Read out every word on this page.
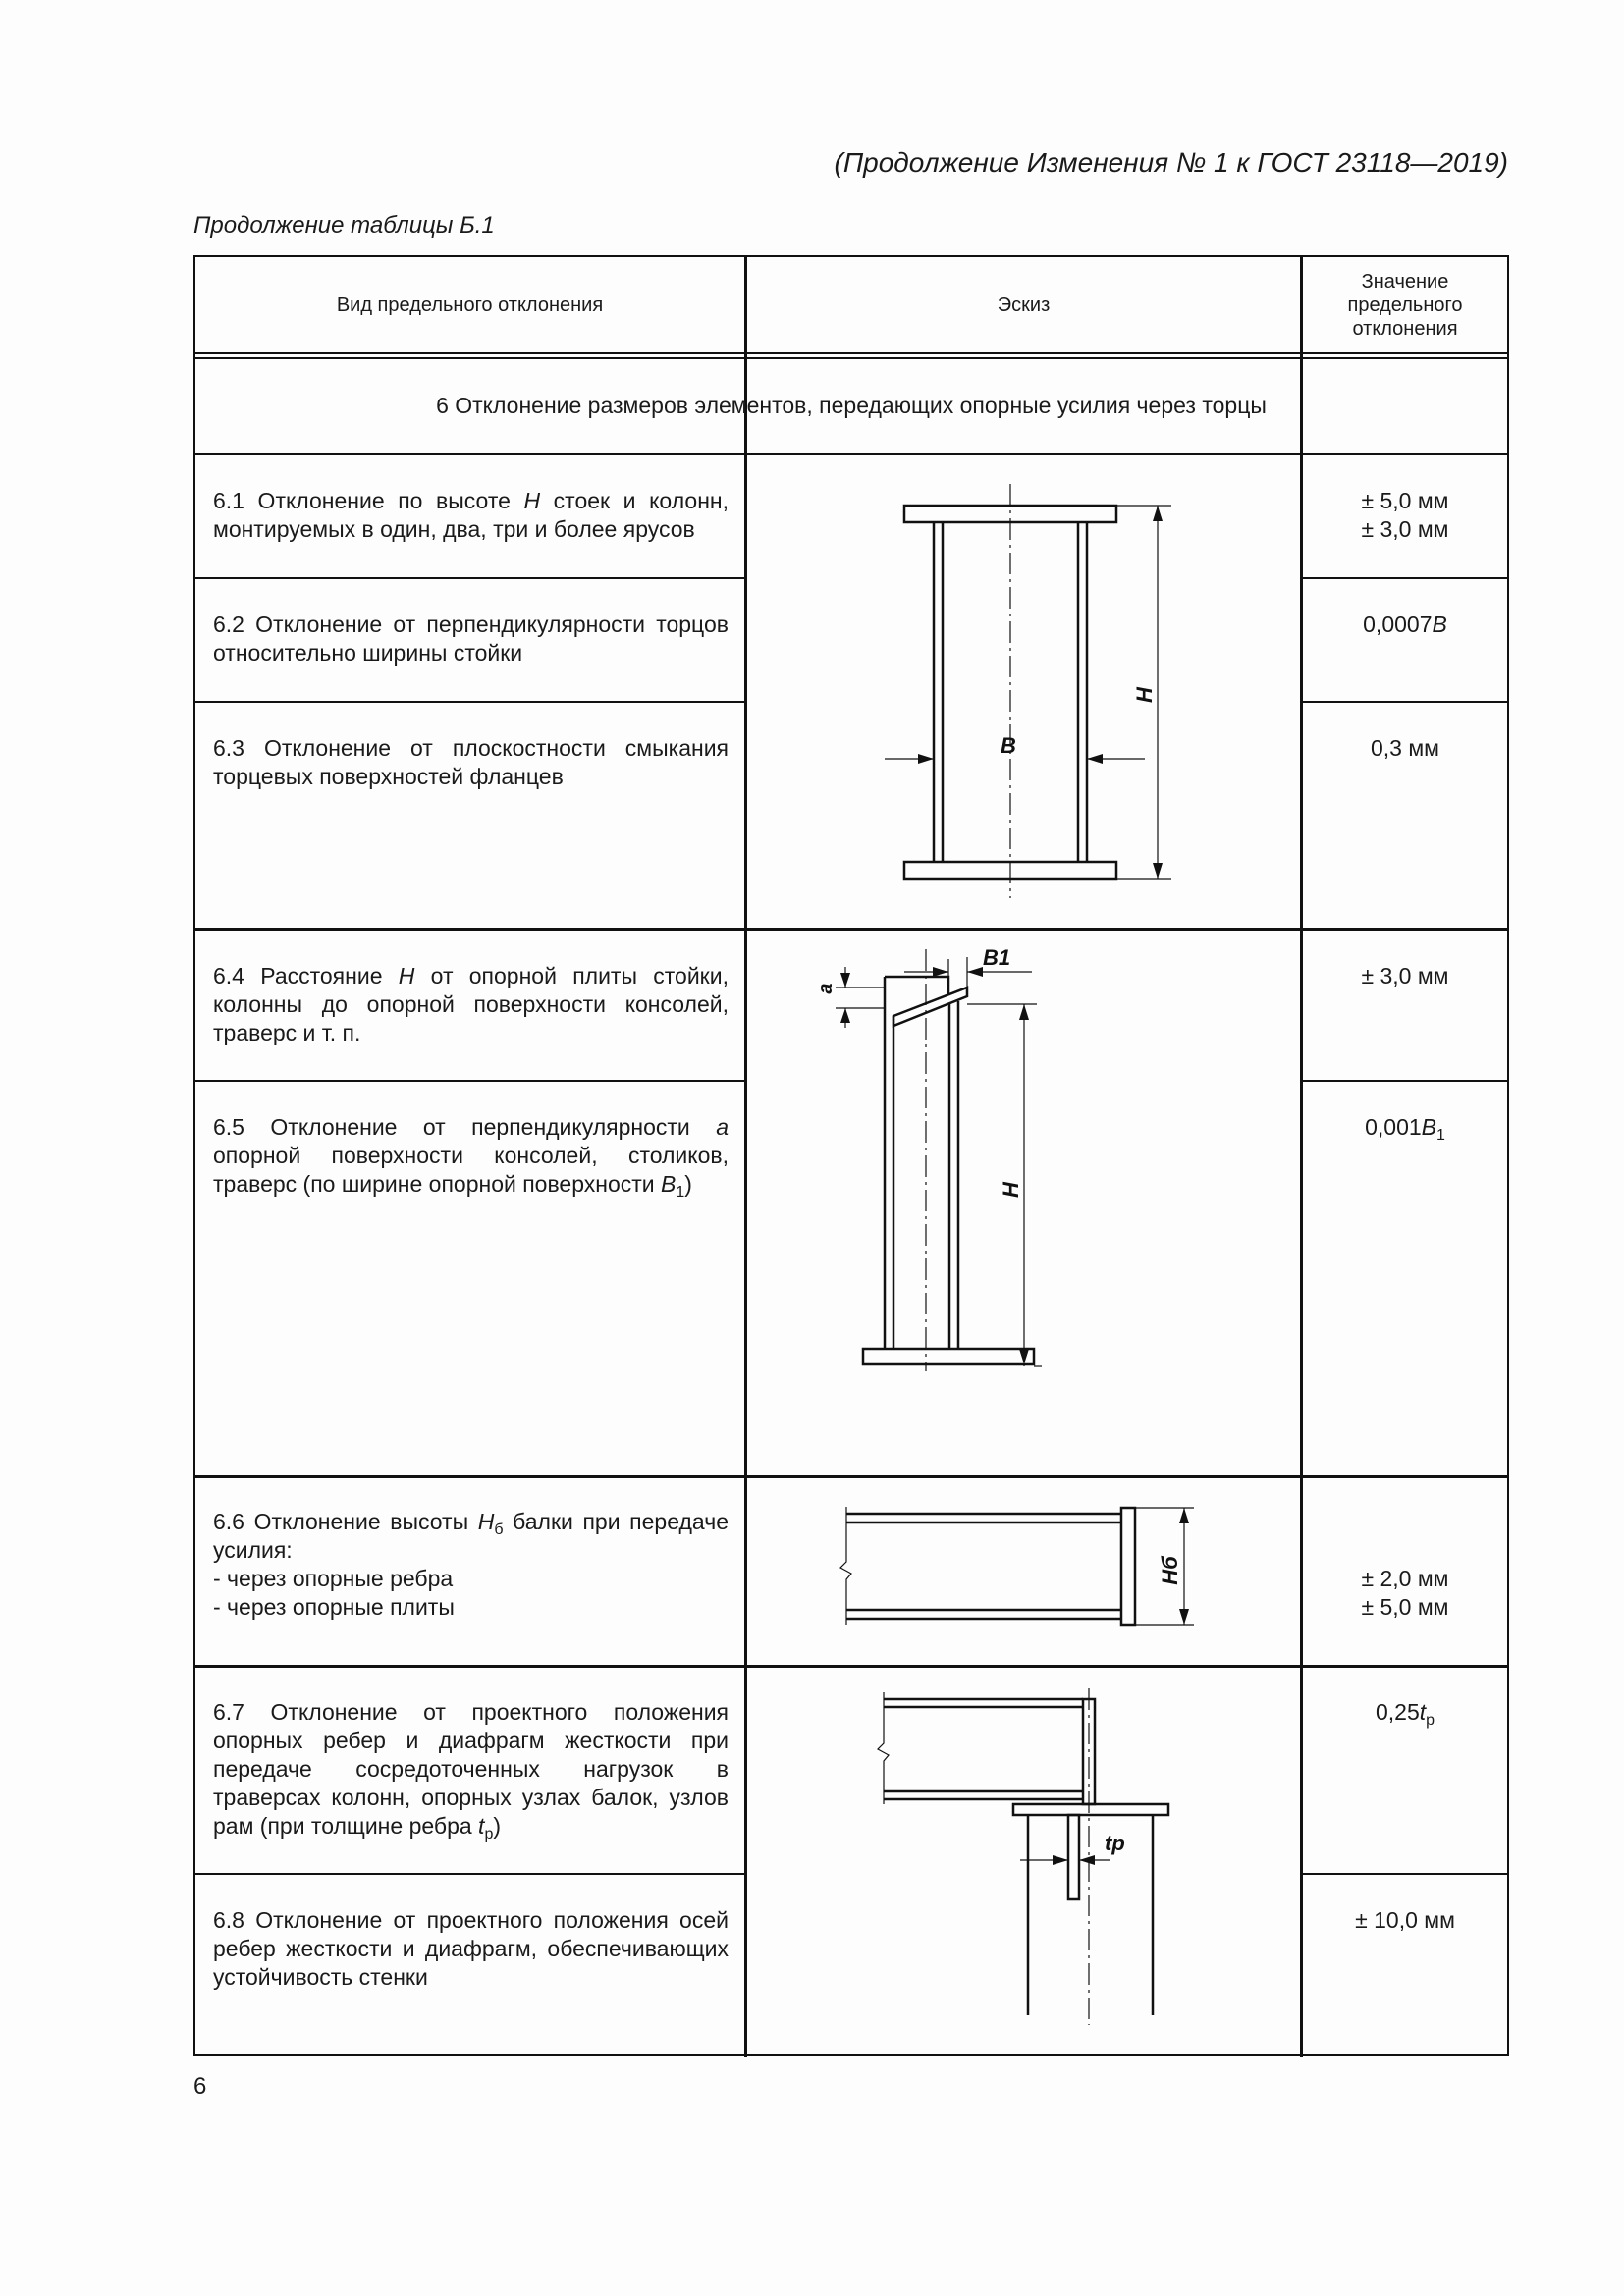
(Продолжение Изменения № 1 к ГОСТ 23118—2019)
Продолжение таблицы Б.1
Вид предельного отклонения	Эскиз
Значение предельного отклонения
6 Отклонение размеров элементов, передающих опорные усилия через торцы
6.1 Отклонение по высоте H стоек и колонн, монтируемых в один, два, три и более ярусов
± 5,0 мм
± 3,0 мм
6.2 Отклонение от перпендикулярности торцов относительно ширины стойки
0,0007B
6.3 Отклонение от плоскостности смыкания торцевых поверхностей фланцев
0,3 мм
6.4 Расстояние H от опорной плиты стойки, колонны до опорной поверхности консолей, траверс и т. п.
± 3,0 мм
6.5 Отклонение от перпендикулярности a опорной поверхности консолей, столиков, траверс (по ширине опорной поверхности $B_1$)
$0,001B_1$
6.6 Отклонение высоты $H_б$ балки при передаче усилия:
- через опорные ребра
- через опорные плиты
± 2,0 мм
± 5,0 мм
6.7 Отклонение от проектного положения опорных ребер и диафрагм жесткости при передаче сосредоточенных нагрузок в траверсах колонн, опорных узлах балок, узлов рам (при толщине ребра $t_р$)
$0,25t_р$
6.8 Отклонение от проектного положения осей ребер жесткости и диафрагм, обеспечивающих устойчивость стенки
± 10,0 мм
B
H
B1
a
H
Hб
tр
6
